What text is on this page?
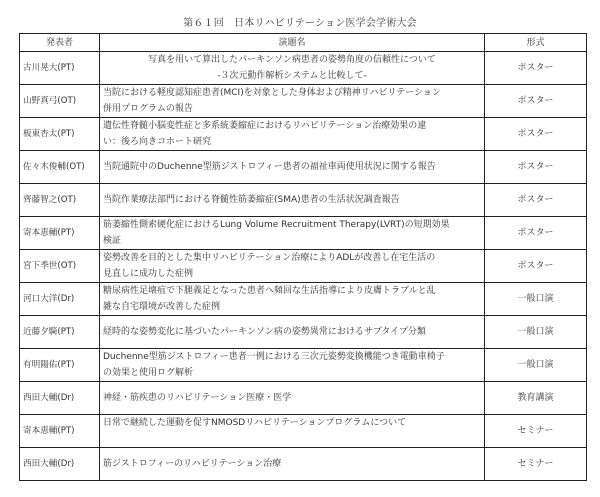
第６１回　日本リハビリテーション医学会学術大会
発表者	演題名	形式
古川晃大(PT)	写真を用いて算出したパーキンソン病患者の姿勢角度の信頼性について
-３次元動作解析システムと比較して-	ポスター
山野真弓(OT)	当院における軽度認知症患者(MCI)を対象とした身体および精神リハビリテーション
併用プログラムの報告	ポスター
板東杏太(PT)	遺伝性脊髄小脳変性症と多系統萎縮症におけるリハビリテーション治療効果の違
い：後ろ向きコホート研究	ポスター
佐々木俊輔(OT)	当院通院中のDuchenne型筋ジストロフィー患者の福祉車両使用状況に関する報告	ポスター
齊藤智之(OT)	当院作業療法部門における脊髄性筋萎縮症(SMA)患者の生活状況調査報告	ポスター
寄本恵輔(PT)	筋萎縮性側索硬化症におけるLung Volume Recruitment Therapy(LVRT)の短期効果
検証	ポスター
宮下季世(OT)	姿勢改善を目的とした集中リハビリテーション治療によりADLが改善し在宅生活の
見直しに成功した症例	ポスター
河口大洋(Dr)	糖尿病性足壊疽で下腿義足となった患者へ頻回な生活指導により皮膚トラブルと乱
雑な自宅環境が改善した症例	一般口演
近藤夕騎(PT)	経時的な姿勢変化に基づいたパーキンソン病の姿勢異常におけるサブタイプ分類	一般口演
有明陽佑(PT)	Duchenne型筋ジストロフィー患者一例における三次元姿勢変換機能つき電動車椅子
の効果と使用ログ解析	一般口演
西田大輔(Dr)	神経・筋疾患のリハビリテーション医療・医学	教育講演
寄本恵輔(PT)	日常で継続した運動を促すNMOSDリハビリテーションプログラムについて	セミナー
西田大輔(Dr)	筋ジストロフィーのリハビリテーション治療	セミナー
